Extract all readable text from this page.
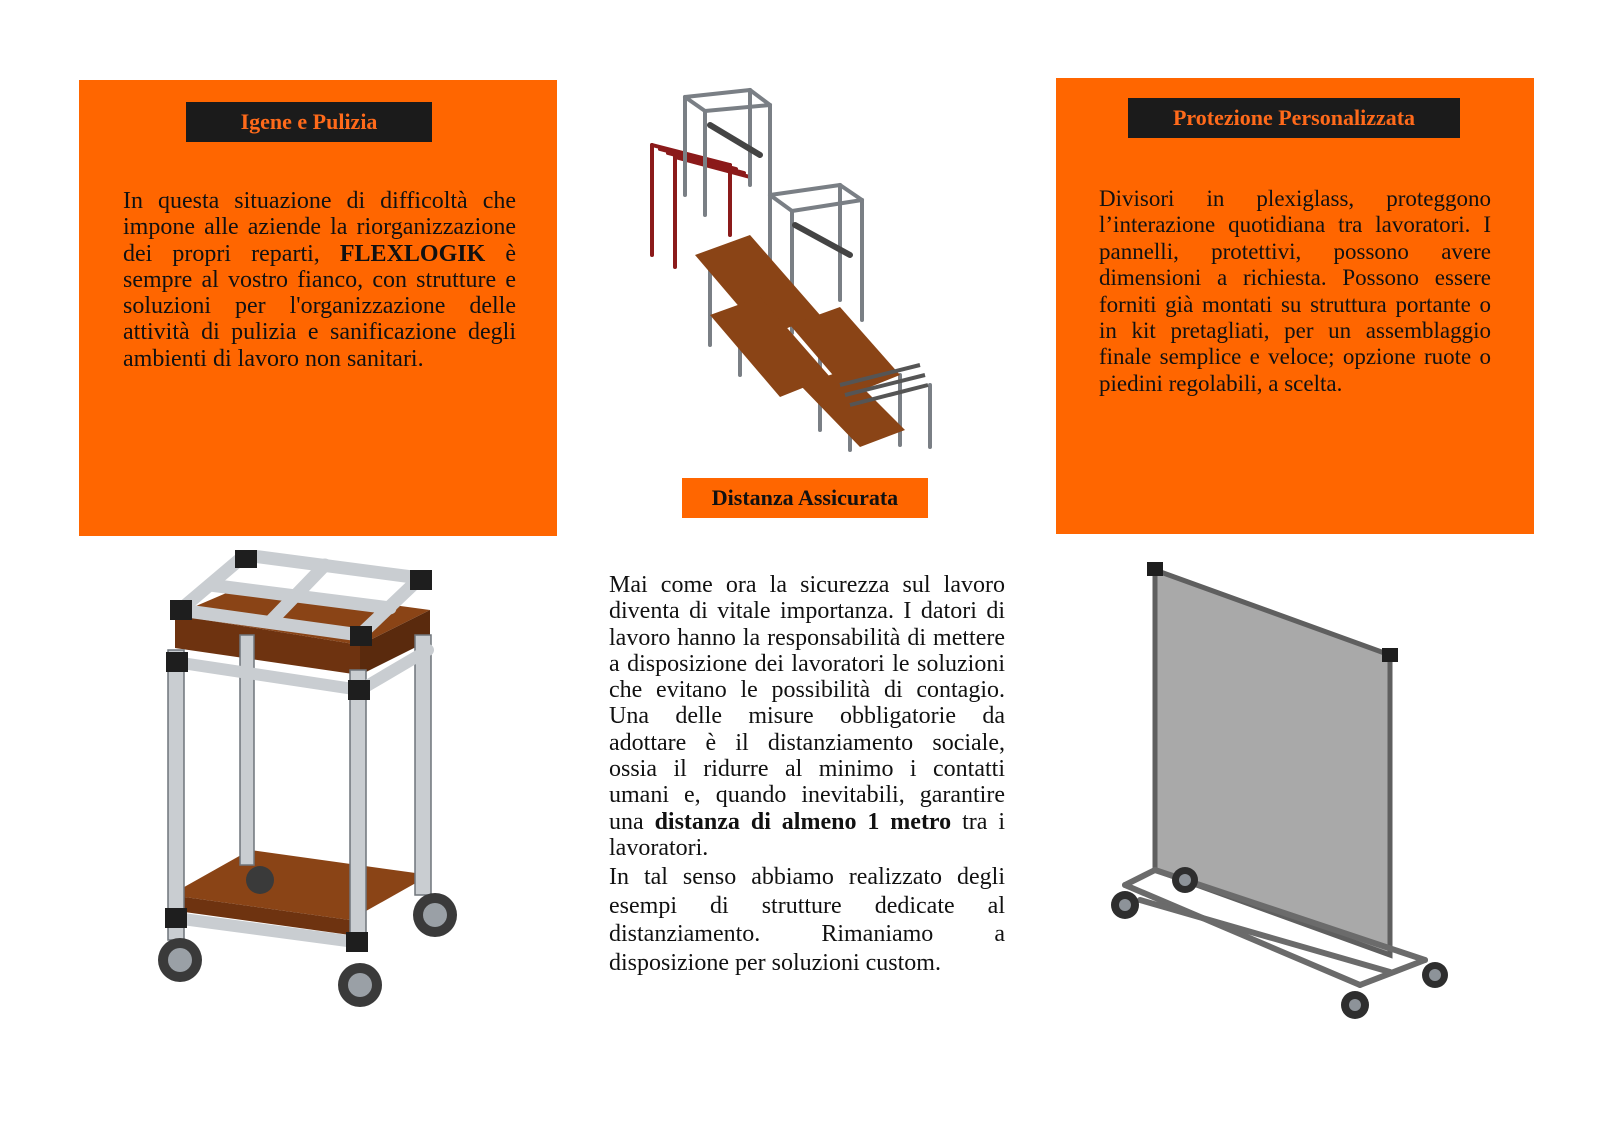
Igene e Pulizia

In questa situazione di difficoltà che impone alle aziende la riorganizzazione dei propri reparti, FLEXLOGIK è sempre al vostro fianco, con strutture e soluzioni per l'organizzazione delle attività di pulizia e sanificazione degli ambienti di lavoro non sanitari.

Protezione Personalizzata

Divisori in plexiglass, proteggono l’interazione quotidiana tra lavoratori. I pannelli, protettivi, possono avere dimensioni a richiesta. Possono essere forniti già montati su struttura portante o in kit pretagliati, per un assemblaggio finale semplice e veloce; opzione ruote o piedini regolabili, a scelta.

Distanza Assicurata

Mai come ora la sicurezza sul lavoro diventa di vitale importanza. I datori di lavoro hanno la responsabilità di mettere a disposizione dei lavoratori le soluzioni che evitano le possibilità di contagio. Una delle misure obbligatorie da adottare è il distanziamento sociale, ossia il ridurre al minimo i contatti umani e, quando inevitabili, garantire una distanza di almeno 1 metro tra i lavoratori.
In tal senso abbiamo realizzato degli esempi di strutture dedicate al distanziamento. Rimaniamo a disposizione per soluzioni custom.
